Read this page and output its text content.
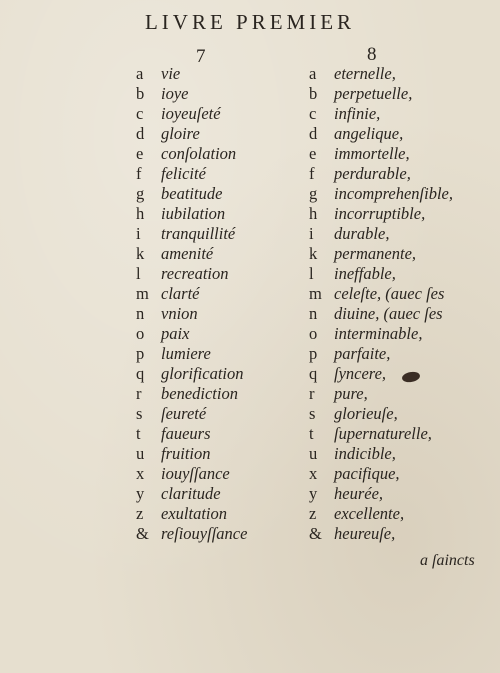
LIVRE PREMIER
7	8
a vie
b ioye
c ioyeuſeté
d gloire
e conſolation
f felicité
g beatitude
h iubilation
i tranquillité
k amenité
l recreation
m clarté
n vnion
o paix
p lumiere
q glorification
r benediction
s ſeureté
t faueurs
u fruition
x iouyſſance
y claritude
z exultation
& reſiouyſſance
a eternelle,
b perpetuelle,
c infinie,
d angelique,
e immortelle,
f perdurable,
g incomprehenſible,
h incorruptible,
i durable,
k permanente,
l ineffable,
m celeſte, (auec ſes
n diuine, (auec ſes
o interminable,
p parfaite,
q ſyncere,
r pure,
s glorieuſe,
t ſupernaturelle,
u indicible,
x pacifique,
y heurée,
z excellente,
& heureuſe,
a ſaincts
